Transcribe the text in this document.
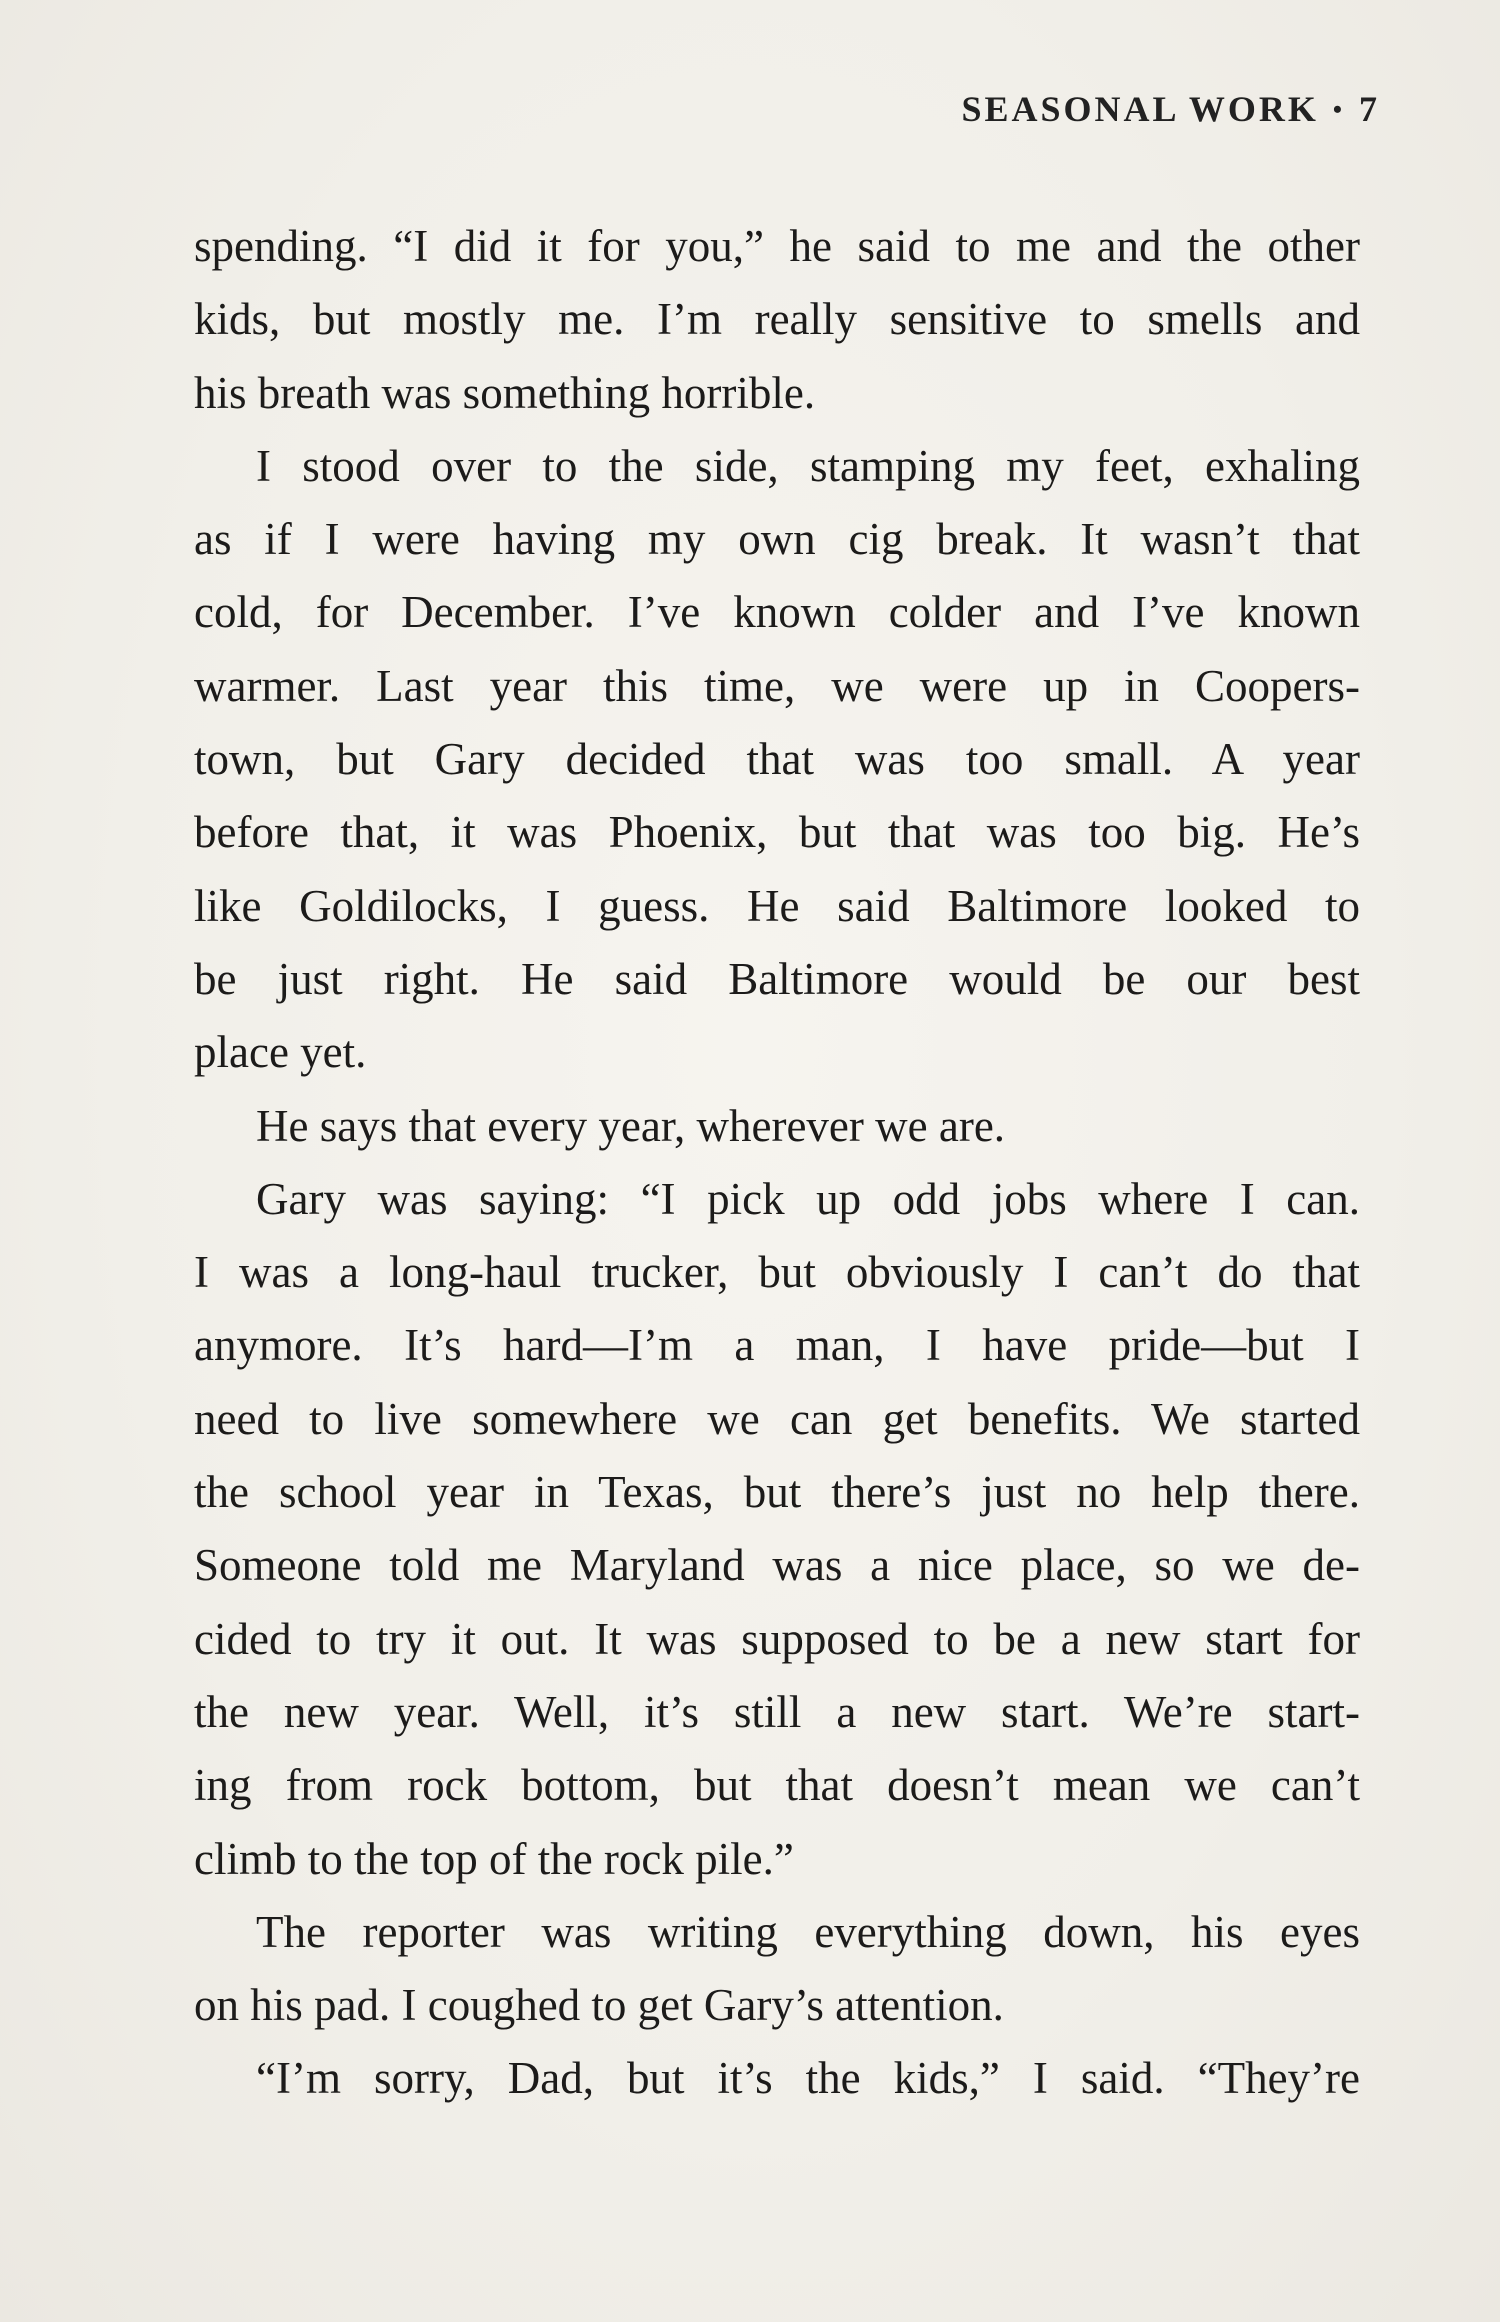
SEASONAL WORK • 7
spending. “I did it for you,” he said to me and the other
kids, but mostly me. I’m really sensitive to smells and
his breath was something horrible.
I stood over to the side, stamping my feet, exhaling
as if I were having my own cig break. It wasn’t that
cold, for December. I’ve known colder and I’ve known
warmer. Last year this time, we were up in Coopers-
town, but Gary decided that was too small. A year
before that, it was Phoenix, but that was too big. He’s
like Goldilocks, I guess. He said Baltimore looked to
be just right. He said Baltimore would be our best
place yet.
He says that every year, wherever we are.
Gary was saying: “I pick up odd jobs where I can.
I was a long-haul trucker, but obviously I can’t do that
anymore. It’s hard—I’m a man, I have pride—but I
need to live somewhere we can get benefits. We started
the school year in Texas, but there’s just no help there.
Someone told me Maryland was a nice place, so we de-
cided to try it out. It was supposed to be a new start for
the new year. Well, it’s still a new start. We’re start-
ing from rock bottom, but that doesn’t mean we can’t
climb to the top of the rock pile.”
The reporter was writing everything down, his eyes
on his pad. I coughed to get Gary’s attention.
“I’m sorry, Dad, but it’s the kids,” I said. “They’re
